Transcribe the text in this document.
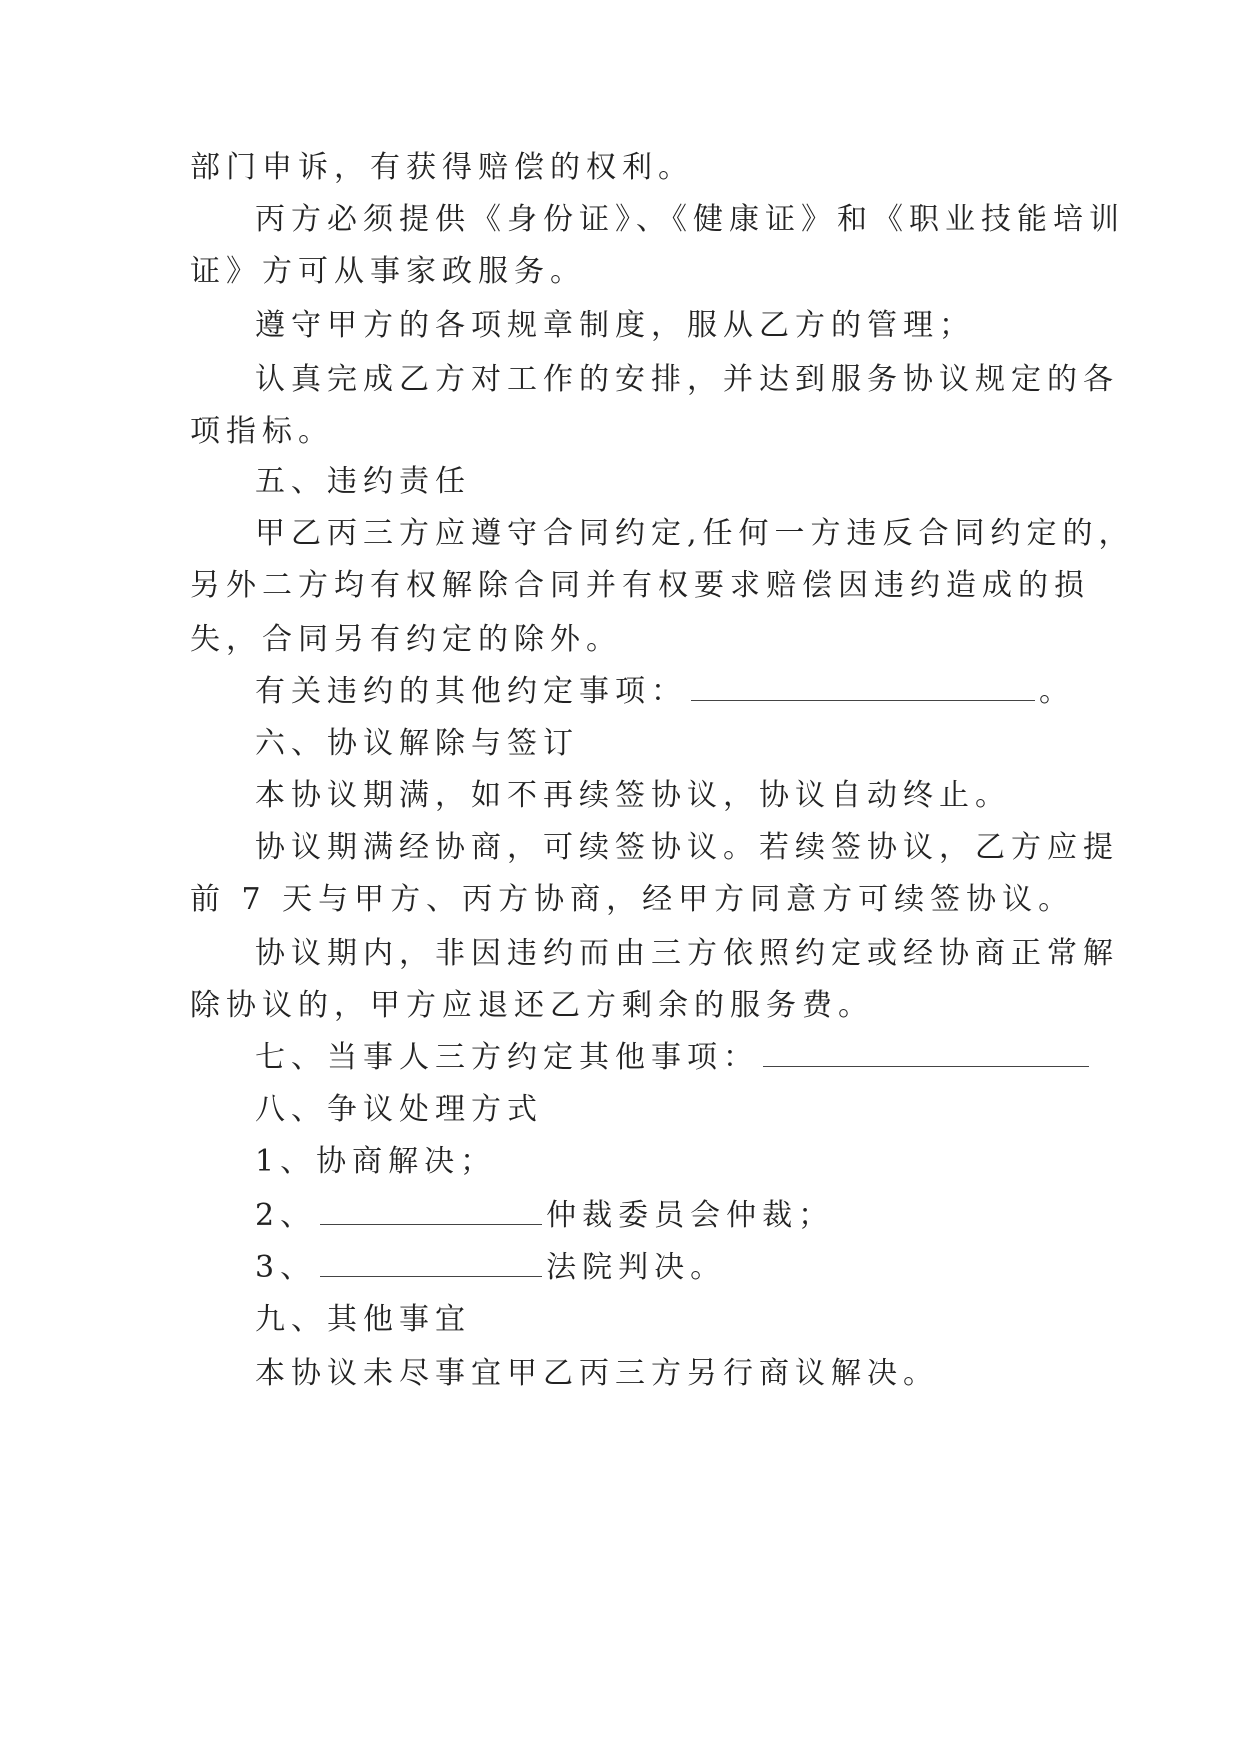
部门申诉，有获得赔偿的权利。
丙方必须提供《身份证》、《健康证》和《职业技能培训
证》方可从事家政服务。
遵守甲方的各项规章制度，服从乙方的管理；
认真完成乙方对工作的安排，并达到服务协议规定的各
项指标。
五、违约责任
甲乙丙三方应遵守合同约定,任何一方违反合同约定的，
另外二方均有权解除合同并有权要求赔偿因违约造成的损
失，合同另有约定的除外。
有关违约的其他约定事项：	。
六、协议解除与签订
本协议期满，如不再续签协议，协议自动终止。
协议期满经协商，可续签协议。若续签协议，乙方应提
前 7 天与甲方、丙方协商，经甲方同意方可续签协议。
协议期内，非因违约而由三方依照约定或经协商正常解
除协议的，甲方应退还乙方剩余的服务费。
七、当事人三方约定其他事项：
八、争议处理方式
1、协商解决；
2、	仲裁委员会仲裁；
3、	法院判决。
九、其他事宜
本协议未尽事宜甲乙丙三方另行商议解决。
